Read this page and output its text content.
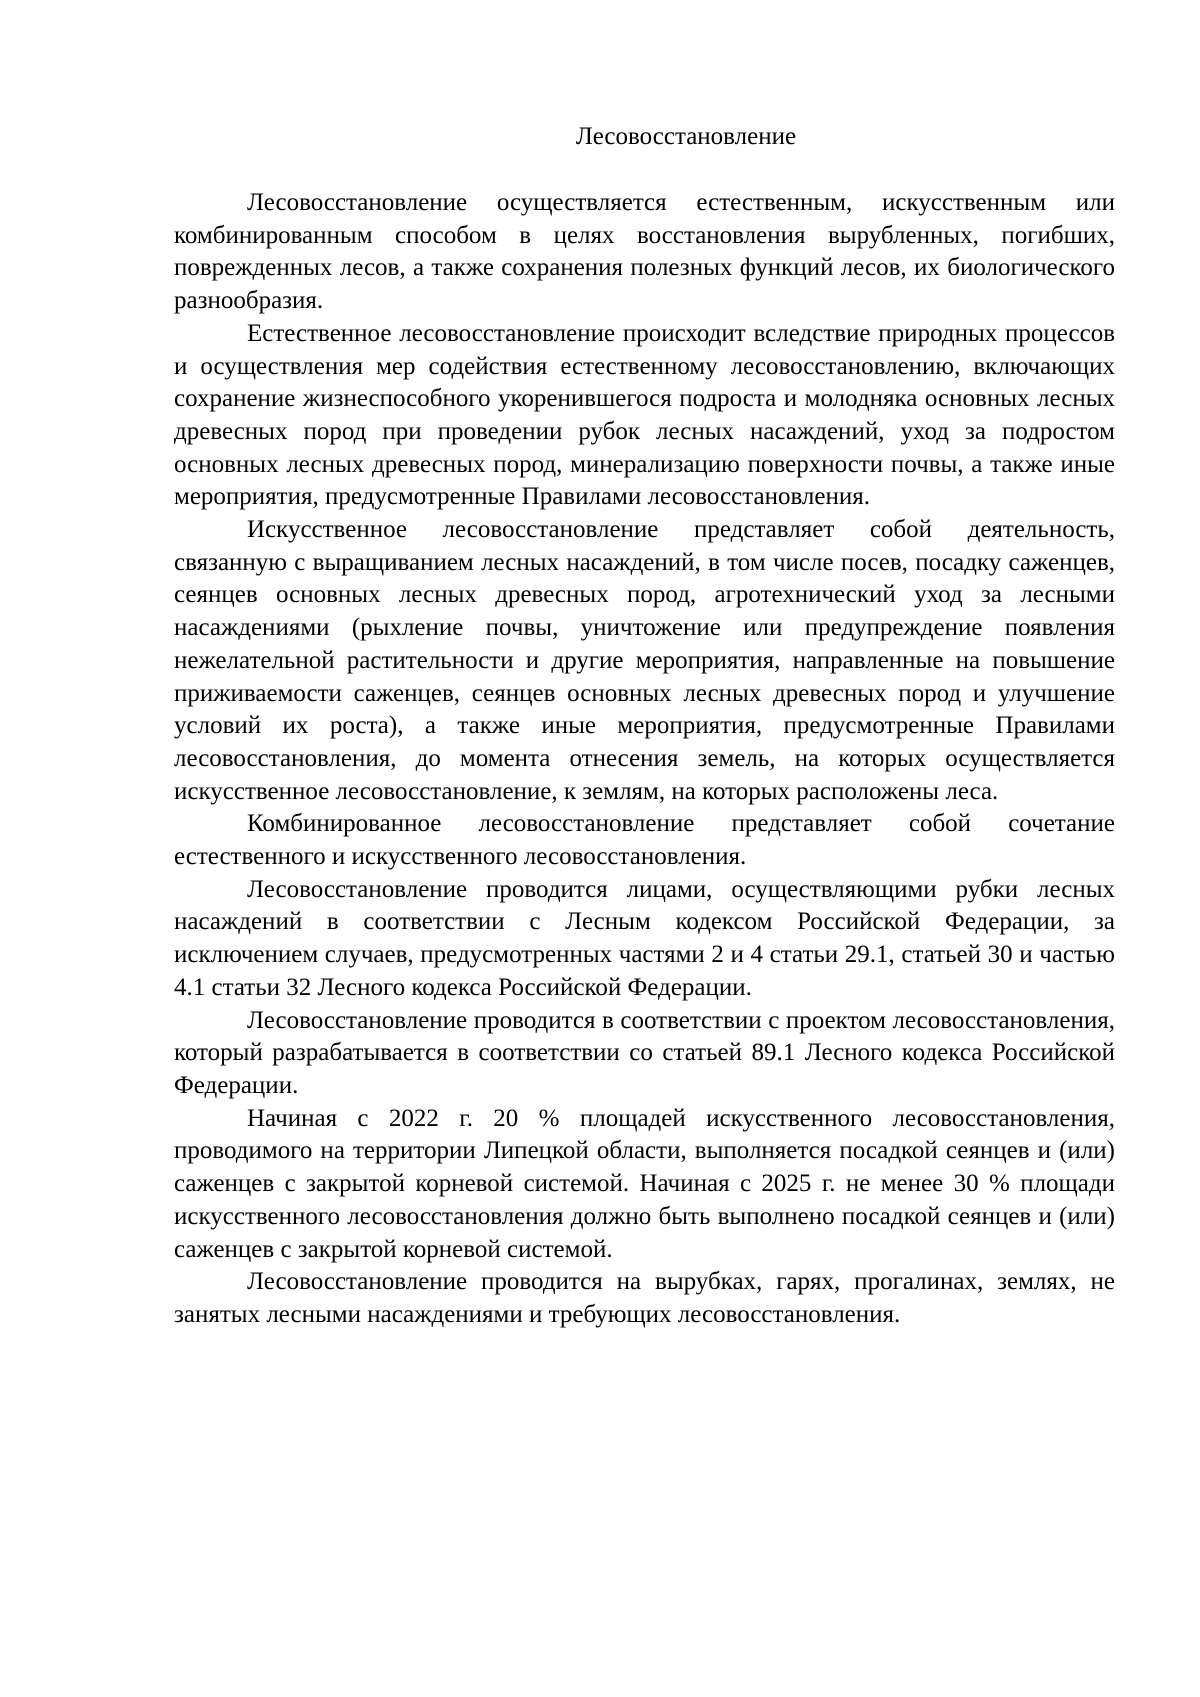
Лесовосстановление

Лесовосстановление осуществляется естественным, искусственным или комбинированным способом в целях восстановления вырубленных, погибших, поврежденных лесов, а также сохранения полезных функций лесов, их биологического разнообразия.

Естественное лесовосстановление происходит вследствие природных процессов и осуществления мер содействия естественному лесовосстановлению, включающих сохранение жизнеспособного укоренившегося подроста и молодняка основных лесных древесных пород при проведении рубок лесных насаждений, уход за подростом основных лесных древесных пород, минерализацию поверхности почвы, а также иные мероприятия, предусмотренные Правилами лесовосстановления.

Искусственное лесовосстановление представляет собой деятельность, связанную с выращиванием лесных насаждений, в том числе посев, посадку саженцев, сеянцев основных лесных древесных пород, агротехнический уход за лесными насаждениями (рыхление почвы, уничтожение или предупреждение появления нежелательной растительности и другие мероприятия, направленные на повышение приживаемости саженцев, сеянцев основных лесных древесных пород и улучшение условий их роста), а также иные мероприятия, предусмотренные Правилами лесовосстановления, до момента отнесения земель, на которых осуществляется искусственное лесовосстановление, к землям, на которых расположены леса.

Комбинированное лесовосстановление представляет собой сочетание естественного и искусственного лесовосстановления.

Лесовосстановление проводится лицами, осуществляющими рубки лесных насаждений в соответствии с Лесным кодексом Российской Федерации, за исключением случаев, предусмотренных частями 2 и 4 статьи 29.1, статьей 30 и частью 4.1 статьи 32 Лесного кодекса Российской Федерации.

Лесовосстановление проводится в соответствии с проектом лесовосстановления, который разрабатывается в соответствии со статьей 89.1 Лесного кодекса Российской Федерации.

Начиная с 2022 г. 20 % площадей искусственного лесовосстановления, проводимого на территории Липецкой области, выполняется посадкой сеянцев и (или) саженцев с закрытой корневой системой. Начиная с 2025 г. не менее 30 % площади искусственного лесовосстановления должно быть выполнено посадкой сеянцев и (или) саженцев с закрытой корневой системой.

Лесовосстановление проводится на вырубках, гарях, прогалинах, землях, не занятых лесными насаждениями и требующих лесовосстановления.
